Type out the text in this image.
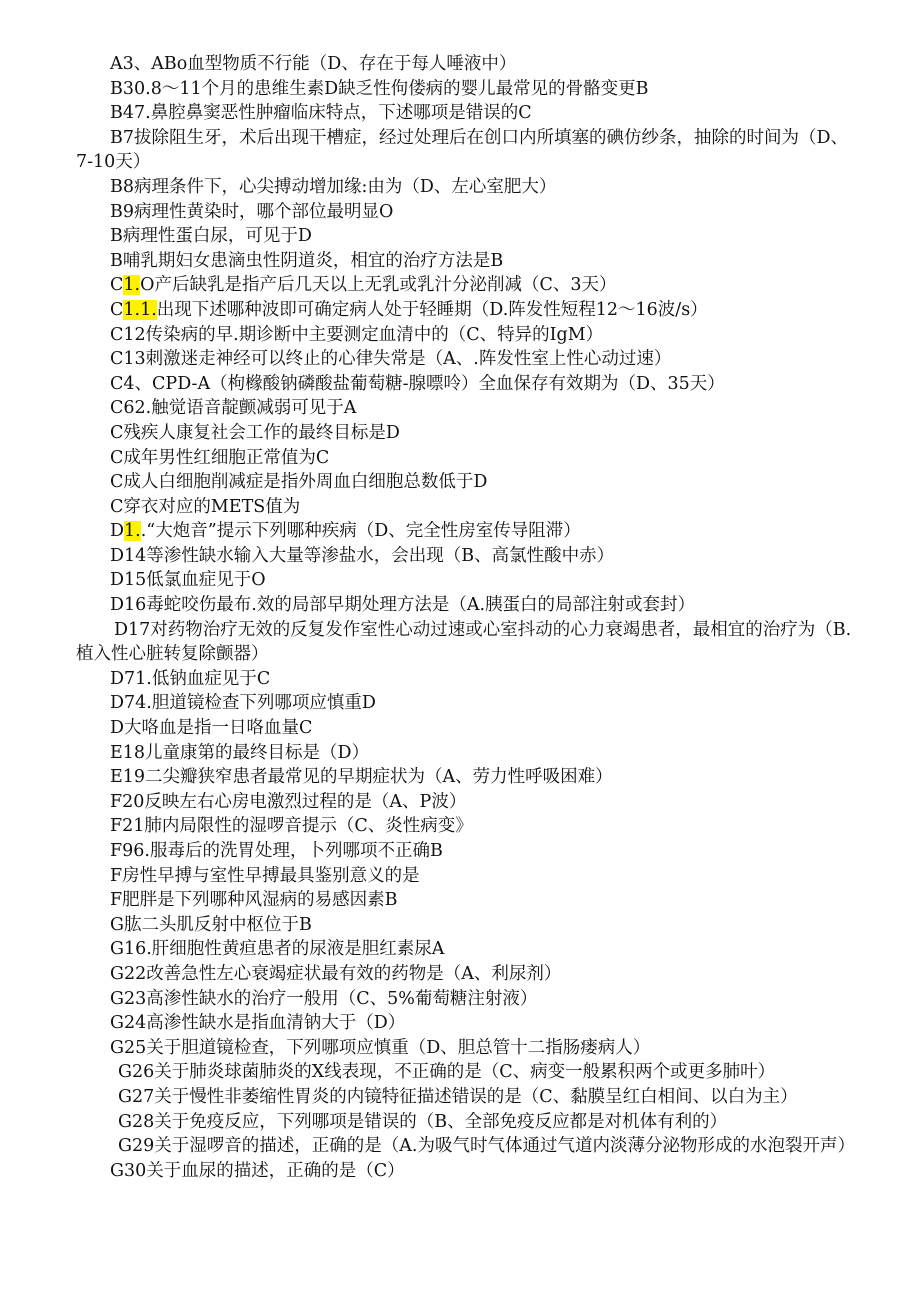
A3、ABo血型物质不行能（D、存在于每人唾液中）
B30.8～11个月的患维生素D缺乏性佝偻病的婴儿最常见的骨骼变更B
B47.鼻腔鼻窦恶性肿瘤临床特点，下述哪项是错误的C
B7拔除阻生牙，术后出现干槽症，经过处理后在创口内所填塞的碘仿纱条，抽除的时间为（D、7-10天）
B8病理条件下，心尖搏动增加缘:由为（D、左心室肥大）
B9病理性黄染时，哪个部位最明显O
B病理性蛋白尿，可见于D
B哺乳期妇女患滴虫性阴道炎，相宜的治疗方法是B
C1.O产后缺乳是指产后几天以上无乳或乳汁分泌削减（C、3天）
C1.1.出现下述哪种波即可确定病人处于轻睡期（D.阵发性短程12～16波/s）
C12传染病的早.期诊断中主要测定血清中的（C、特异的IgM）
C13刺激迷走神经可以终止的心律失常是（A、.阵发性室上性心动过速）
C4、CPD-A（枸橼酸钠磷酸盐葡萄糖-腺嘌呤）全血保存有效期为（D、35天）
C62.触觉语音靛颤减弱可见于A
C残疾人康复社会工作的最终目标是D
C成年男性红细胞正常值为C
C成人白细胞削减症是指外周血白细胞总数低于D
C穿衣对应的METS值为
D1..“大炮音”提示下列哪种疾病（D、完全性房室传导阻滞）
D14等渗性缺水输入大量等渗盐水，会出现（B、高氯性酸中赤）
D15低氯血症见于O
D16毒蛇咬伤最布.效的局部早期处理方法是（A.胰蛋白的局部注射或套封）
D17对药物治疗无效的反复发作室性心动过速或心室抖动的心力衰竭患者，最相宜的治疗为（B.植入性心脏转复除颤器）
D71.低钠血症见于C
D74.胆道镜检查下列哪项应慎重D
D大咯血是指一日咯血量C
E18儿童康第的最终目标是（D）
E19二尖瓣狭窄患者最常见的早期症状为（A、劳力性呼吸困难）
F20反映左右心房电激烈过程的是（A、P波）
F21肺内局限性的湿啰音提示（C、炎性病变》
F96.服毒后的洗胃处理，卜列哪项不正确B
F房性早搏与室性早搏最具鉴别意义的是
F肥胖是下列哪种风湿病的易感因素B
G肱二头肌反射中枢位于B
G16.肝细胞性黄疸患者的尿液是胆红素尿A
G22改善急性左心衰竭症状最有效的药物是（A、利尿剂）
G23高渗性缺水的治疗一般用（C、5%葡萄糖注射液）
G24高渗性缺水是指血清钠大于（D）
G25关于胆道镜检查，下列哪项应慎重（D、胆总管十二指肠瘘病人）
G26关于肺炎球菌肺炎的X线表现，不正确的是（C、病变一般累积两个或更多肺叶）
G27关于慢性非萎缩性胃炎的内镜特征描述错误的是（C、黏膜呈红白相间、以白为主）
G28关于免疫反应，下列哪项是错误的（B、全部免疫反应都是对机体有利的）
G29关于湿啰音的描述，正确的是（A.为吸气时气体通过气道内淡薄分泌物形成的水泡裂开声）
G30关于血尿的描述，正确的是（C）
